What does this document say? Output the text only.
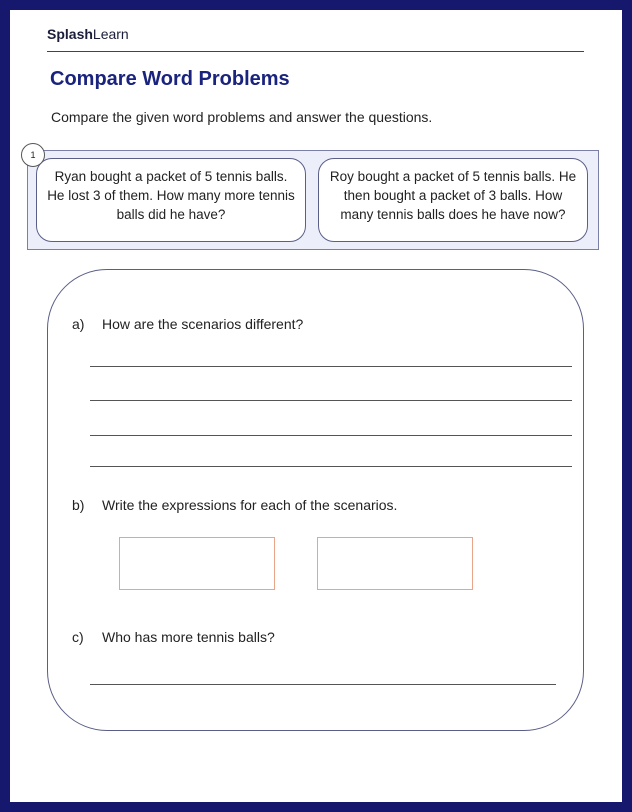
SplashLearn
Compare Word Problems
Compare the given word problems and answer the questions.
1
Ryan bought a packet of 5 tennis balls. He lost 3 of them. How many more tennis balls did he have?
Roy bought a packet of 5 tennis balls. He then bought a packet of 3 balls. How many tennis balls does he have now?
a) How are the scenarios different?
b) Write the expressions for each of the scenarios.
c) Who has more tennis balls?
